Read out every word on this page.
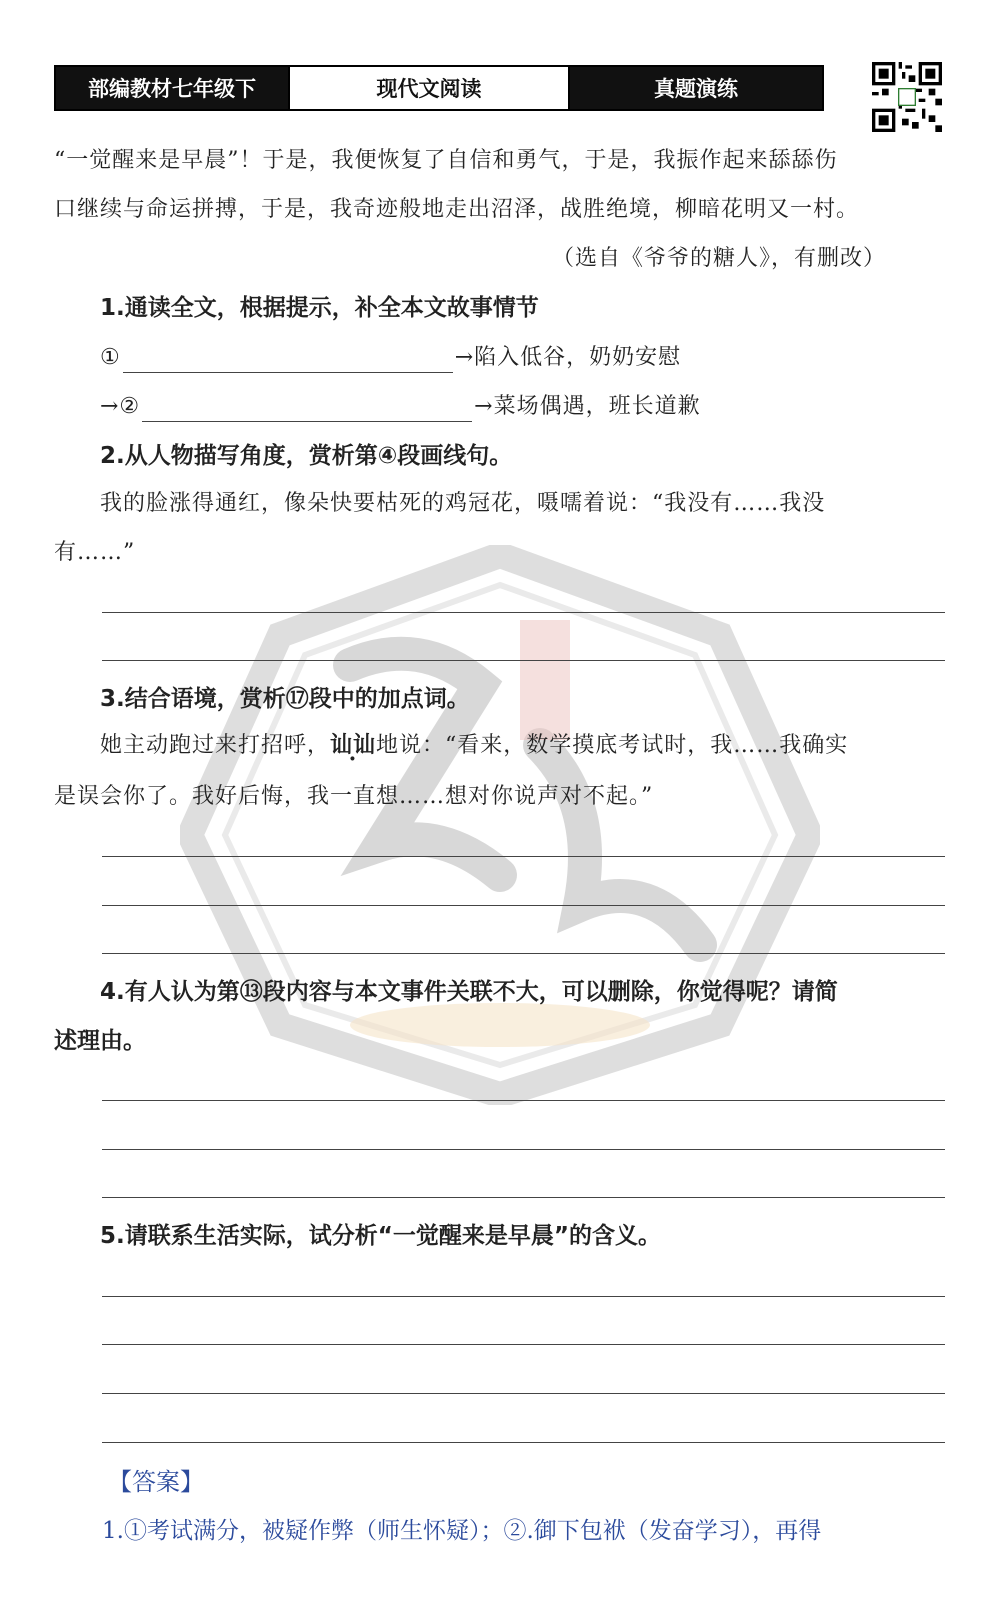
部编教材七年级下	现代文阅读	真题演练
“一觉醒来是早晨”！于是，我便恢复了自信和勇气，于是，我振作起来舔舔伤
口继续与命运拼搏，于是，我奇迹般地走出沼泽，战胜绝境，柳暗花明又一村。
（选自《爷爷的糖人》，有删改）
1.通读全文，根据提示，补全本文故事情节
①	→陷入低谷，奶奶安慰
→②	→菜场偶遇，班长道歉
2.从人物描写角度，赏析第④段画线句。
我的脸涨得通红，像朵快要枯死的鸡冠花，嗫嚅着说：“我没有……我没
有……”
3.结合语境，赏析⑰段中的加点词。
她主动跑过来打招呼，讪讪地说：“看来，数学摸底考试时，我……我确实
是误会你了。我好后悔，我一直想……想对你说声对不起。”
4.有人认为第⑬段内容与本文事件关联不大，可以删除，你觉得呢？请简
述理由。
5.请联系生活实际，试分析“一觉醒来是早晨”的含义。
【答案】
1.①考试满分，被疑作弊（师生怀疑）；②.御下包袱（发奋学习），再得
